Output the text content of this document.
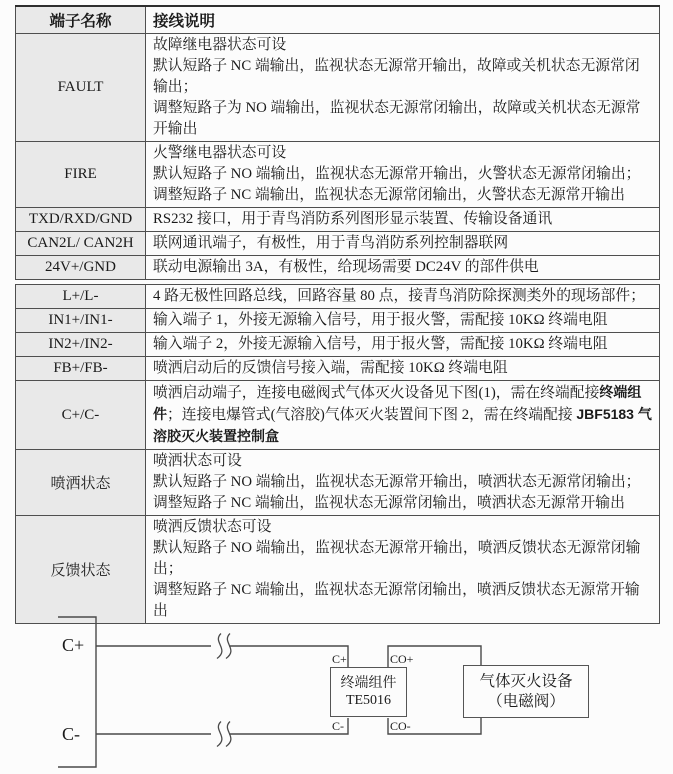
端子名称	接线说明
FAULT	故障继电器状态可设
默认短路子 NC 端输出，监视状态无源常开输出，故障或关机状态无源常闭输出；
调整短路子为 NO 端输出，监视状态无源常闭输出，故障或关机状态无源常开输出

FIRE	火警继电器状态可设
默认短路子 NO 端输出，监视状态无源常开输出，火警状态无源常闭输出；
调整短路子 NC 端输出，监视状态无源常闭输出，火警状态无源常开输出

TXD/RXD/GND	RS232 接口，用于青鸟消防系列图形显示装置、传输设备通讯

CAN2L/ CAN2H	联网通讯端子，有极性，用于青鸟消防系列控制器联网

24V+/GND	联动电源输出 3A，有极性，给现场需要 DC24V 的部件供电
L+/L-	4 路无极性回路总线，回路容量 80 点，接青鸟消防除探测类外的现场部件；

IN1+/IN1-	输入端子 1，外接无源输入信号，用于报火警，需配接 10KΩ 终端电阻

IN2+/IN2-	输入端子 2，外接无源输入信号，用于报火警，需配接 10KΩ 终端电阻

FB+/FB-	喷洒启动后的反馈信号接入端，需配接 10KΩ 终端电阻

C+/C-	喷洒启动端子，连接电磁阀式气体灭火设备见下图(1)，需在终端配接终端组件；连接电爆管式(气溶胶)气体灭火装置间下图 2，需在终端配接 JBF5183 气溶胶灭火装置控制盒

喷洒状态	喷洒状态可设
默认短路子 NO 端输出，监视状态无源常开输出，喷洒状态无源常闭输出；
调整短路子 NC 端输出，监视状态无源常闭输出，喷洒状态无源常开输出

反馈状态	喷洒反馈状态可设
默认短路子 NO 端输出，监视状态无源常开输出，喷洒反馈状态无源常闭输出；
调整短路子 NC 端输出，监视状态无源常闭输出，喷洒反馈状态无源常开输出
终端组件
TE5016
气体灭火设备
（电磁阀）
C+
C-
C+
C-
CO+
CO-
